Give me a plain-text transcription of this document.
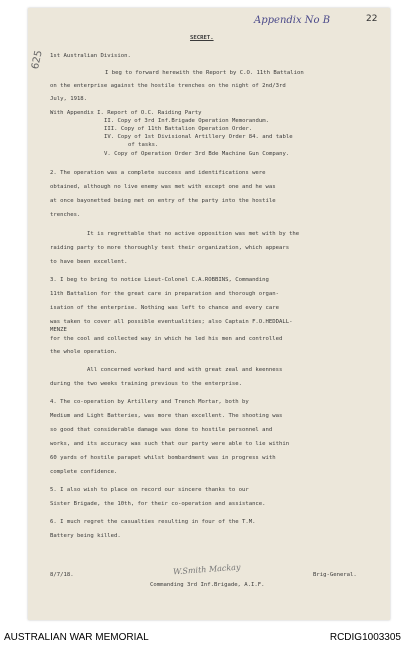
Appendix No B	22
625
SECRET.
1st Australian Division.
I beg to forward herewith the Report by C.O. 11th Battalion
on the enterprise against the hostile trenches on the night of 2nd/3rd
July, 1918.
With Appendix I. Report of O.C. Raiding Party
II. Copy of 3rd Inf.Brigade Operation Memorandum.
III. Copy of 11th Battalion Operation Order.
IV. Copy of 1st Divisional Artillery Order 84. and table
of tasks.
V. Copy of Operation Order 3rd Bde Machine Gun Company.
2. The operation was a complete success and identifications were
obtained, although no live enemy was met with except one and he was
at once bayonetted being met on entry of the party into the hostile
trenches.
It is regrettable that no active opposition was met with by the
raiding party to more thoroughly test their organization, which appears
to have been excellent.
3. I beg to bring to notice Lieut-Colonel C.A.ROBBINS, Commanding
11th Battalion for the great care in preparation and thorough organ-
isation of the enterprise. Nothing was left to chance and every care
was taken to cover all possible eventualities; also Captain F.O.HEDDALL-
MENZE
for the cool and collected way in which he led his men and controlled
the whole operation.
All concerned worked hard and with great zeal and keenness
during the two weeks training previous to the enterprise.
4. The co-operation by Artillery and Trench Mortar, both by
Medium and Light Batteries, was more than excellent. The shooting was
so good that considerable damage was done to hostile personnel and
works, and its accuracy was such that our party were able to lie within
60 yards of hostile parapet whilst bombardment was in progress with
complete confidence.
5. I also wish to place on record our sincere thanks to our
Sister Brigade, the 10th, for their co-operation and assistance.
6. I much regret the casualties resulting in four of the T.M.
Battery being killed.
8/7/18.	Brig-General.
Commanding 3rd Inf.Brigade, A.I.F.
W.Smith Mackay
AUSTRALIAN WAR MEMORIAL	RCDIG1003305
